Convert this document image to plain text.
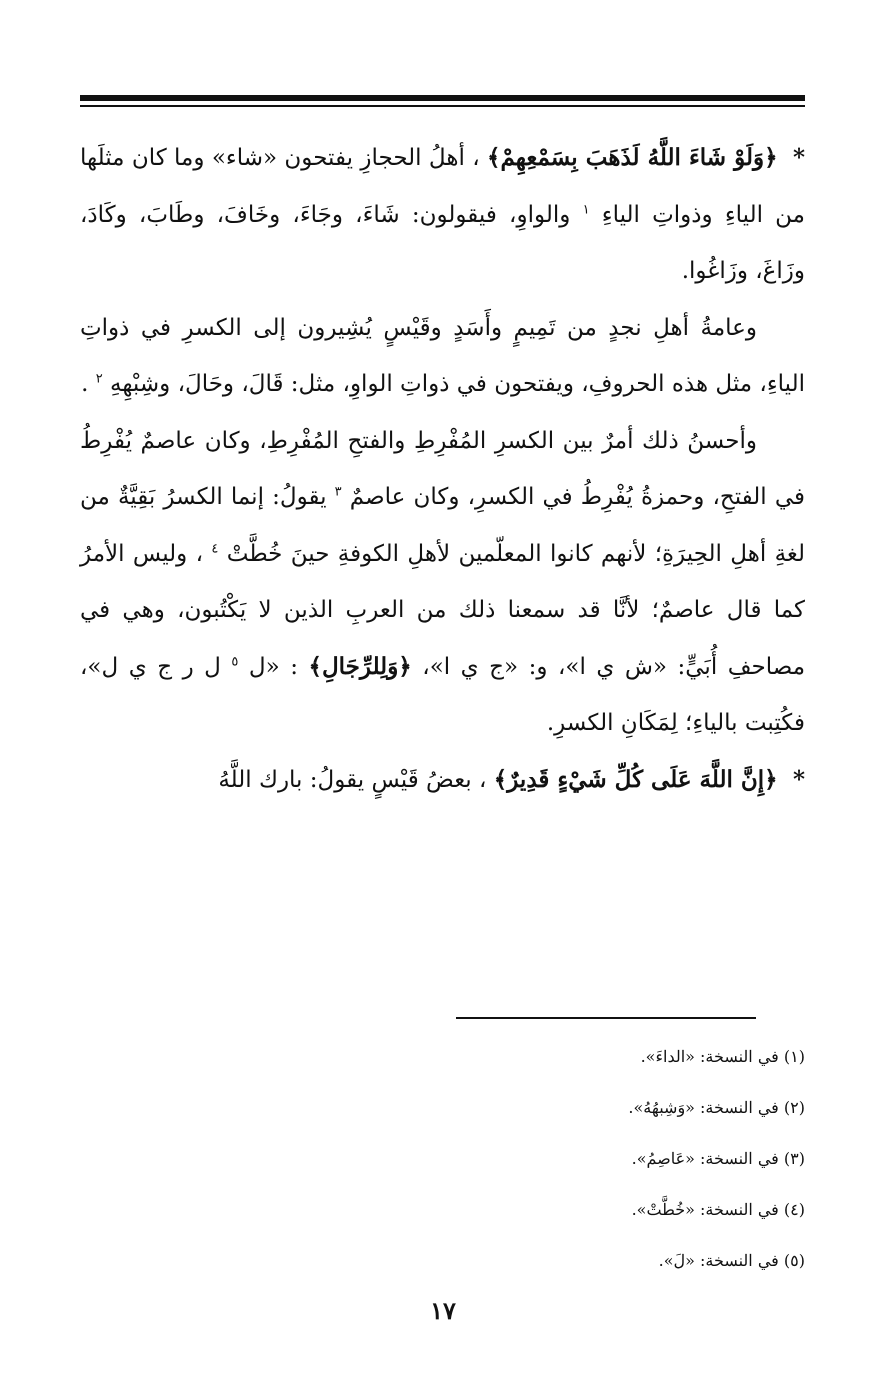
* ﴿وَلَوْ شَاءَ اللَّهُ لَذَهَبَ بِسَمْعِهِمْ﴾ ، أهلُ الحجازِ يفتحون «شاء» وما كان مثلَها من الياءِ وذواتِ الياءِ $^١$ والواوِ، فيقولون: شَاءَ، وجَاءَ، وخَافَ، وطَابَ، وكَادَ، وزَاغَ، وزَاغُوا.

وعامةُ أهلِ نجدٍ من تَمِيمٍ وأَسَدٍ وقَيْسٍ يُشِيرون إلى الكسرِ في ذواتِ الياءِ، مثل هذه الحروفِ، ويفتحون في ذواتِ الواوِ، مثل: قَالَ، وحَالَ، وشِبْهِهِ $^٢$ .

وأحسنُ ذلك أمرٌ بين الكسرِ المُفْرِطِ والفتحِ المُفْرِطِ، وكان عاصمٌ يُفْرِطُ في الفتحِ، وحمزةُ يُفْرِطُ في الكسرِ، وكان عاصمٌ $^٣$ يقولُ: إنما الكسرُ بَقِيَّةٌ من لغةِ أهلِ الحِيرَةِ؛ لأنهم كانوا المعلّمين لأهلِ الكوفةِ حينَ خُطَّتْ $^٤$ ، وليس الأمرُ كما قال عاصمٌ؛ لأنَّا قد سمعنا ذلك من العربِ الذين لا يَكْتُبون، وهي في مصاحفِ أُبَيٍّ: «ش ي ا»، و: «ج ي ا»، ﴿وَلِلرِّجَالِ﴾ : «ل $^٥$ ل ر ج ي ل»، فكُتِبت بالياءِ؛ لِمَكَانِ الكسرِ.

* ﴿إِنَّ اللَّهَ عَلَى كُلِّ شَيْءٍ قَدِيرٌ﴾ ، بعضُ قَيْسٍ يقولُ: بارك اللَّهُ

(١) في النسخة: «الداءَ».
(٢) في النسخة: «وَشِبهُهُ».
(٣) في النسخة: «عَاصِمُ».
(٤) في النسخة: «خُطَّتْ».
(٥) في النسخة: «لَ».
١٧
